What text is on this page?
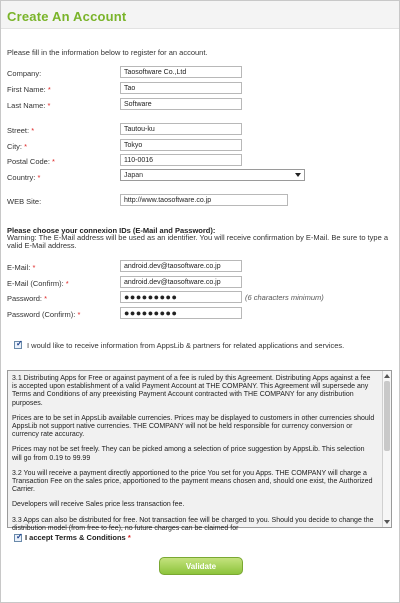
Create An Account
Please fill in the information below to register for an account.
Company:	Taosoftware Co.,Ltd
First Name: *	Tao
Last Name: *	Software
Street: *	Tautou-ku
City: *	Tokyo
Postal Code: *	110-0016
Country: *	Japan
WEB Site:	http://www.taosoftware.co.jp
Please choose your connexion IDs (E-Mail and Password):
Warning: The E-Mail address will be used as an identifier. You will receive confirmation by E-Mail. Be sure to type a valid E-Mail address.
E-Mail: *	android.dev@taosoftware.co.jp
E-Mail (Confirm): *	android.dev@taosoftware.co.jp
Password: *	●●●●●●●●●	(6 characters minimum)
Password (Confirm): *	●●●●●●●●●
✓ I would like to receive information from AppsLib & partners for related applications and services.

3.1 Distributing Apps for Free or against payment of a fee is ruled by this Agreement. Distributing Apps against a fee is accepted upon establishment of a valid Payment Account at THE COMPANY. This Agreement will supersede any Terms and Conditions of any preexisting Payment Account contracted with THE COMPANY for any distribution purposes.

Prices are to be set in AppsLib available currencies. Prices may be displayed to customers in other currencies should AppsLib not support native currencies. THE COMPANY will not be held responsible for currency conversion or currency rate accuracy.

Prices may not be set freely. They can be picked among a selection of price suggestion by AppsLib. This selection will go from 0.19 to 99.99

3.2 You will receive a payment directly apportioned to the price You set for you Apps. THE COMPANY will charge a Transaction Fee on the sales price, apportioned to the payment means chosen and, should one exist, the Authorized Carrier.

Developers will receive Sales price less transaction fee.

3.3 Apps can also be distributed for free. Not transaction fee will be charged to you. Should you decide to change the distribution model (from free to fee), no future charges can be claimed for

✓ I accept Terms & Conditions *
Validate
